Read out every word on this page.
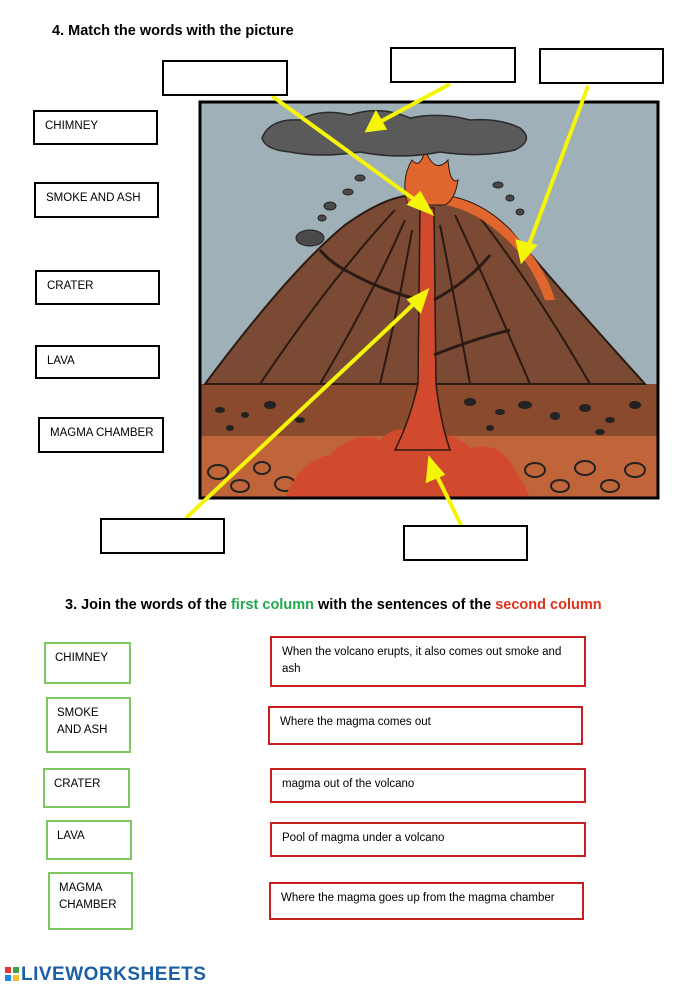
4. Match the words with the picture
CHIMNEY
SMOKE AND ASH
CRATER
LAVA
MAGMA CHAMBER
3. Join the words of the first column with the sentences of the second column
CHIMNEY
SMOKE
AND ASH
CRATER
LAVA
MAGMA
CHAMBER
When the volcano erupts, it also comes out smoke and ash
Where the magma comes out
magma out of the volcano
Pool of magma under a volcano
Where the magma goes up from the magma chamber
LIVEWORKSHEETS
